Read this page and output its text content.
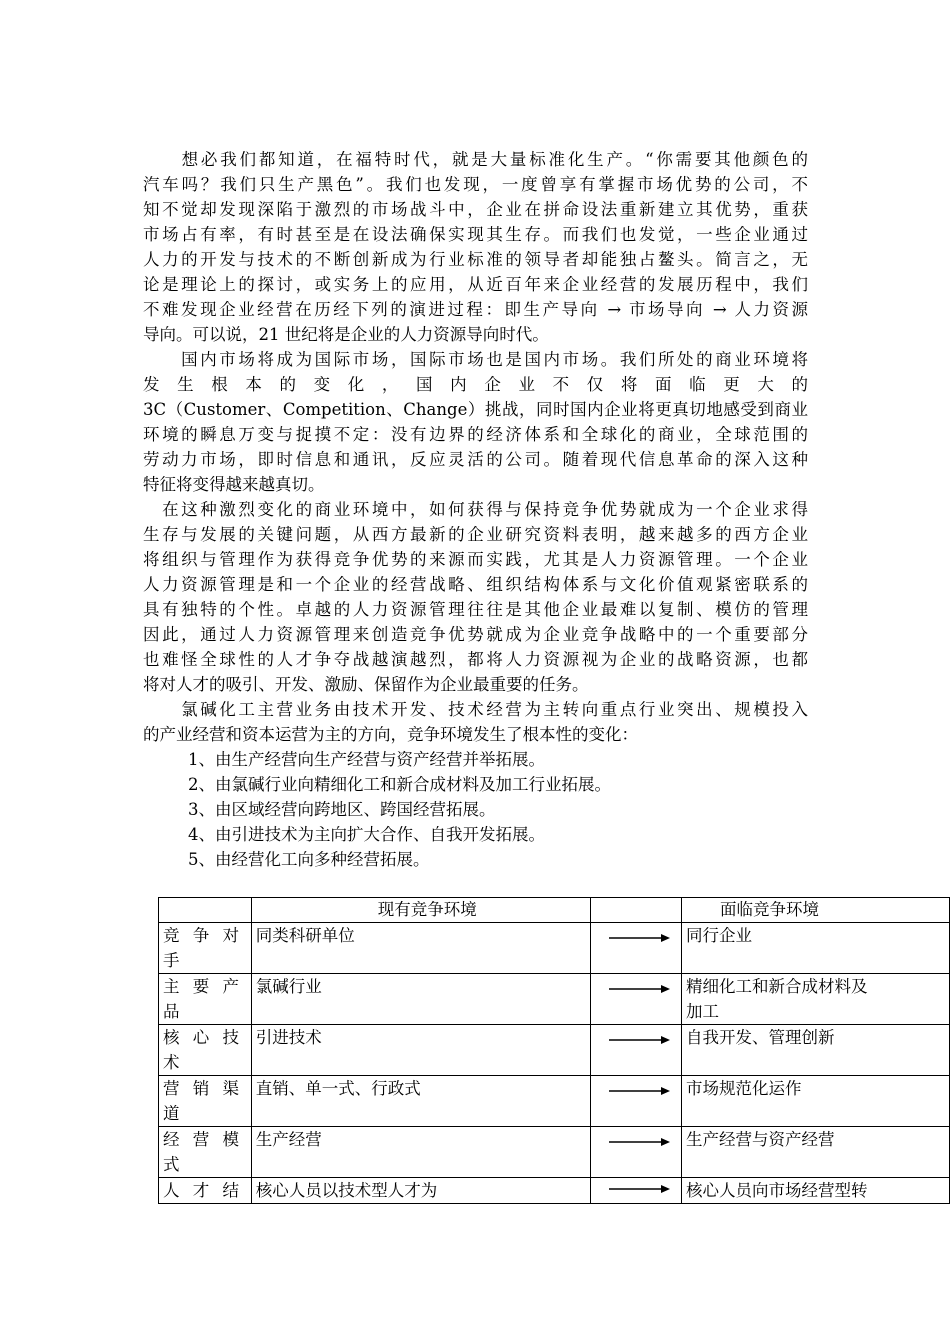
　　想必我们都知道，在福特时代，就是大量标准化生产。“你需要其他颜色的
汽车吗？我们只生产黑色”。我们也发现，一度曾享有掌握市场优势的公司，不
知不觉却发现深陷于激烈的市场战斗中，企业在拼命设法重新建立其优势，重获
市场占有率，有时甚至是在设法确保实现其生存。而我们也发觉，一些企业通过
人力的开发与技术的不断创新成为行业标准的领导者却能独占鳌头。简言之，无
论是理论上的探讨，或实务上的应用，从近百年来企业经营的发展历程中，我们
不难发现企业经营在历经下列的演进过程：即生产导向 → 市场导向 → 人力资源
导向。可以说，21 世纪将是企业的人力资源导向时代。
　　国内市场将成为国际市场，国际市场也是国内市场。我们所处的商业环境将
发 生 根 本 的 变 化 ， 国 内 企 业 不 仅 将 面 临 更 大 的
3C（Customer、Competition、Change）挑战，同时国内企业将更真切地感受到商业
环境的瞬息万变与捉摸不定：没有边界的经济体系和全球化的商业，全球范围的
劳动力市场，即时信息和通讯，反应灵活的公司。随着现代信息革命的深入这种
特征将变得越来越真切。
　在这种激烈变化的商业环境中，如何获得与保持竞争优势就成为一个企业求得
生存与发展的关键问题，从西方最新的企业研究资料表明，越来越多的西方企业
将组织与管理作为获得竞争优势的来源而实践，尤其是人力资源管理。一个企业
人力资源管理是和一个企业的经营战略、组织结构体系与文化价值观紧密联系的
具有独特的个性。卓越的人力资源管理往往是其他企业最难以复制、模仿的管理
因此，通过人力资源管理来创造竞争优势就成为企业竞争战略中的一个重要部分
也难怪全球性的人才争夺战越演越烈，都将人力资源视为企业的战略资源，也都
将对人才的吸引、开发、激励、保留作为企业最重要的任务。
　　氯碱化工主营业务由技术开发、技术经营为主转向重点行业突出、规模投入
的产业经营和资本运营为主的方向，竞争环境发生了根本性的变化：
1、由生产经营向生产经营与资产经营并举拓展。
2、由氯碱行业向精细化工和新合成材料及加工行业拓展。
3、由区域经营向跨地区、跨国经营拓展。
4、由引进技术为主向扩大合作、自我开发拓展。
5、由经营化工向多种经营拓展。
	现有竞争环境		面临竞争环境

竞争对
手	同类科研单位		同行企业

主要产
品	氯碱行业		精细化工和新合成材料及
加工

核心技
术	引进技术		自我开发、管理创新

营销渠
道	直销、单一式、行政式		市场规范化运作

经营模
式	生产经营		生产经营与资产经营

人才结	核心人员以技术型人才为		核心人员向市场经营型转
